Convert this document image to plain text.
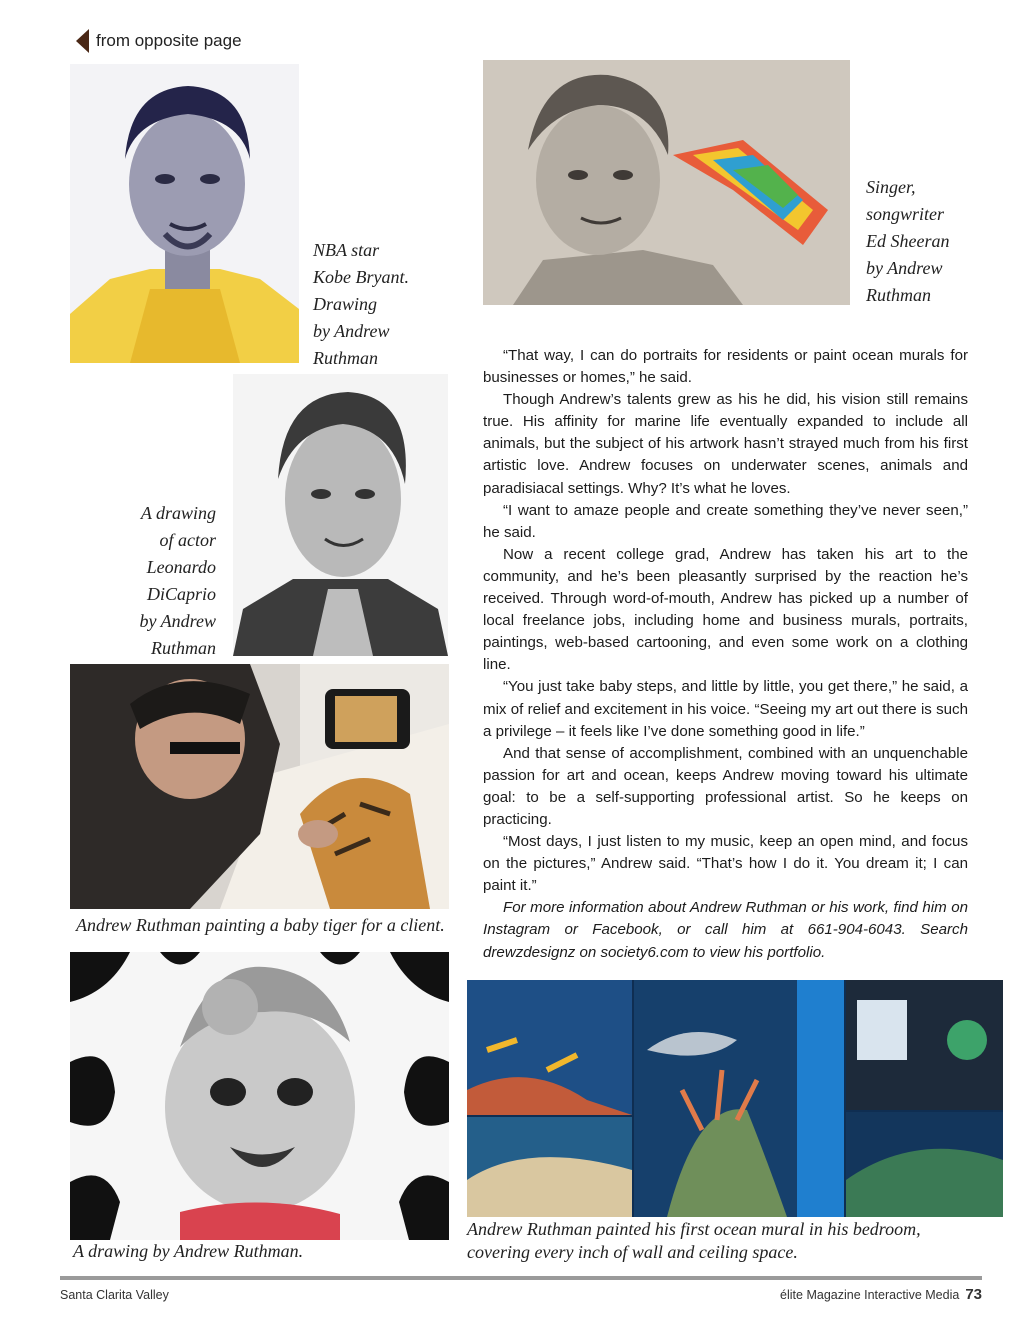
from opposite page
NBA star
Kobe Bryant.
Drawing
by Andrew
Ruthman
Singer,
songwriter
Ed Sheeran
by Andrew
Ruthman
A drawing
of actor
Leonardo
DiCaprio
by Andrew
Ruthman
Andrew Ruthman painting a baby tiger for a client.

“That way, I can do portraits for residents or paint ocean murals for businesses or homes,” he said.

Though Andrew’s talents grew as his he did, his vision still remains true. His affinity for marine life eventually expanded to include all animals, but the subject of his artwork hasn’t strayed much from his first artistic love. Andrew focuses on underwater scenes, animals and paradisiacal settings. Why? It’s what he loves.

“I want to amaze people and create something they’ve never seen,” he said.

Now a recent college grad, Andrew has taken his art to the community, and he’s been pleasantly surprised by the reaction he’s received. Through word-of-mouth, Andrew has picked up a number of local freelance jobs, including home and business murals, portraits, paintings, web-based cartooning, and even some work on a clothing line.

“You just take baby steps, and little by little, you get there,” he said, a mix of relief and excitement in his voice. “Seeing my art out there is such a privilege – it feels like I’ve done something good in life.”

And that sense of accomplishment, combined with an unquenchable passion for art and ocean, keeps Andrew moving toward his ultimate goal: to be a self-supporting professional artist. So he keeps on practicing.

“Most days, I just listen to my music, keep an open mind, and focus on the pictures,” Andrew said. “That’s how I do it. You dream it; I can paint it.”

For more information about Andrew Ruthman or his work, find him on Instagram or Facebook, or call him at 661-904-6043. Search drewzdesignz on society6.com to view his portfolio.

A drawing by Andrew Ruthman.
Andrew Ruthman painted his first ocean mural in his bedroom,
covering every inch of wall and ceiling space.
Santa Clarita Valley	élite Magazine Interactive Media 73
